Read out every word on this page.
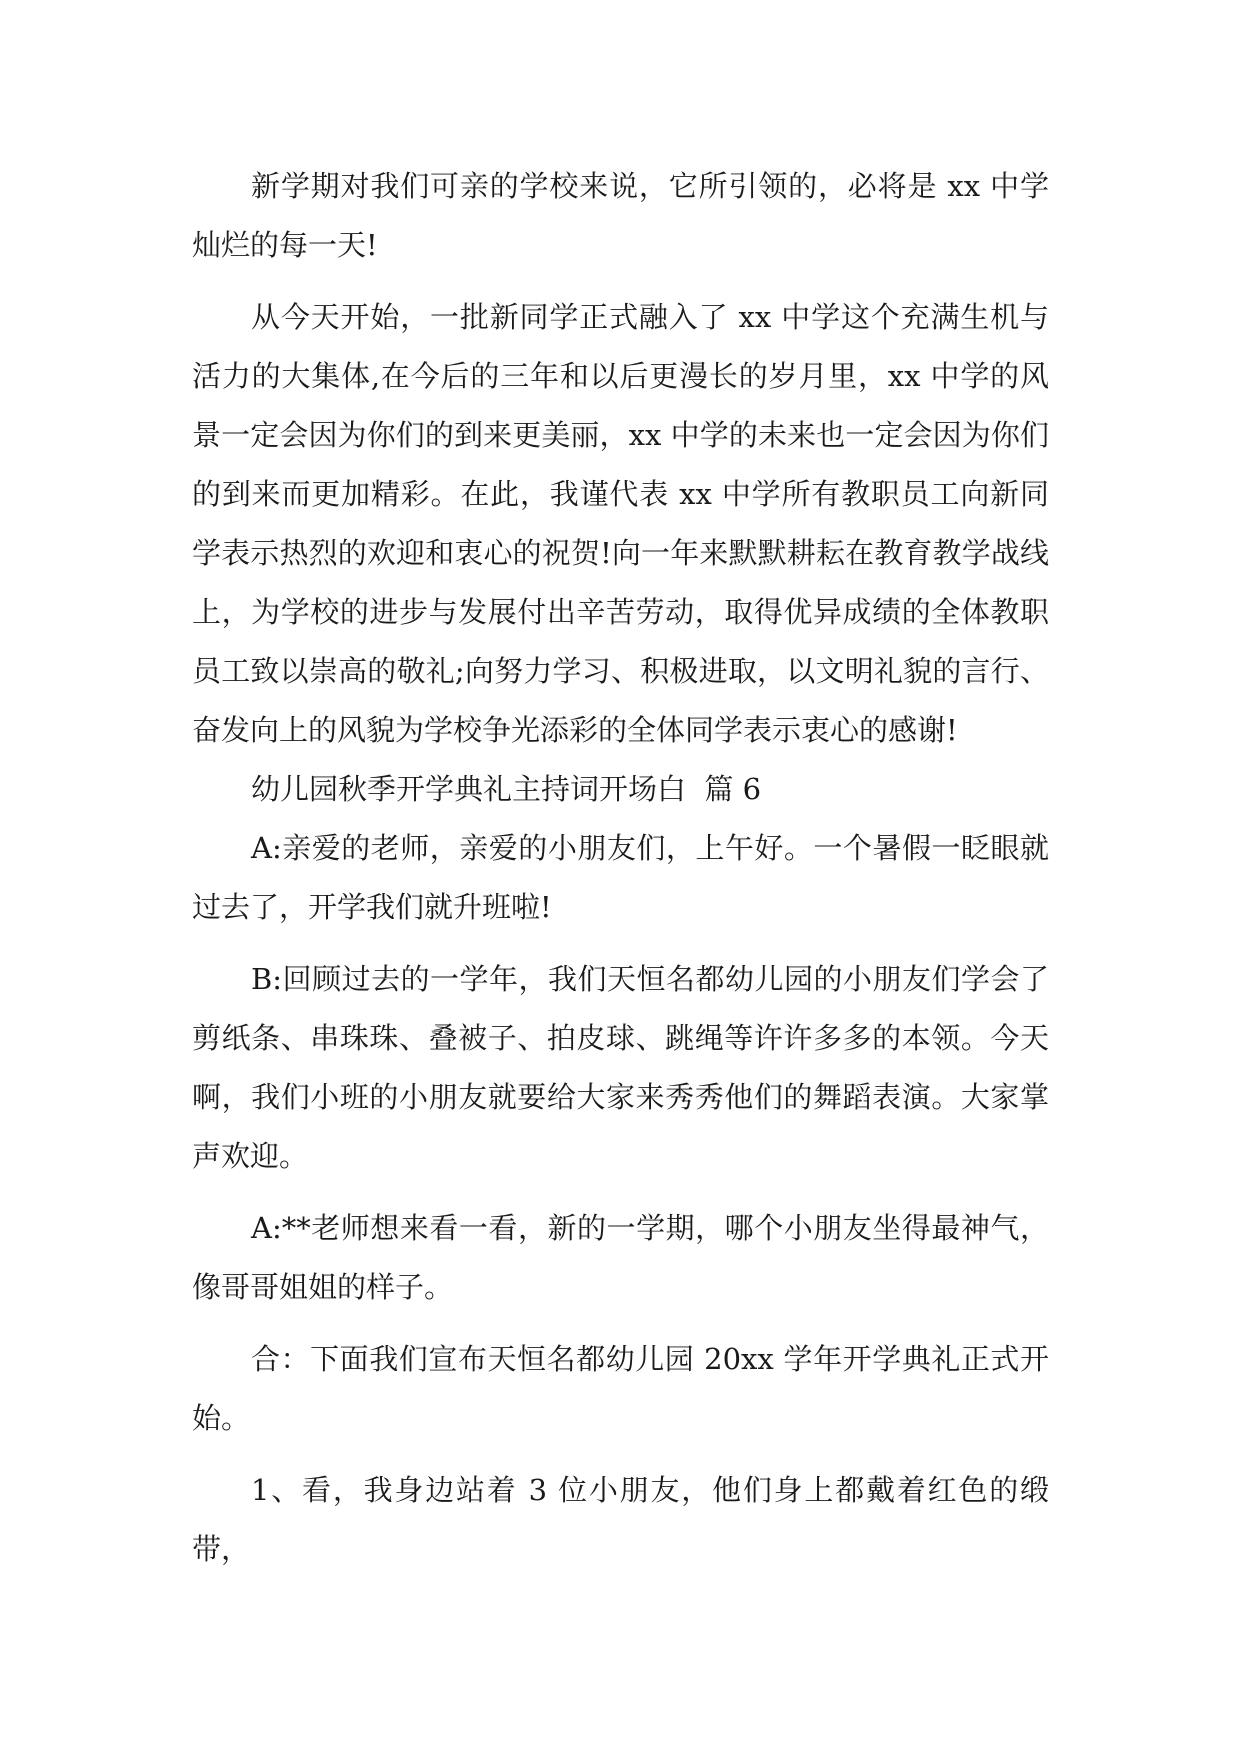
新学期对我们可亲的学校来说，它所引领的，必将是 xx 中学灿烂的每一天!

从今天开始，一批新同学正式融入了 xx 中学这个充满生机与活力的大集体,在今后的三年和以后更漫长的岁月里，xx 中学的风景一定会因为你们的到来更美丽，xx 中学的未来也一定会因为你们的到来而更加精彩。在此，我谨代表 xx 中学所有教职员工向新同学表示热烈的欢迎和衷心的祝贺!向一年来默默耕耘在教育教学战线上，为学校的进步与发展付出辛苦劳动，取得优异成绩的全体教职员工致以崇高的敬礼;向努力学习、积极进取，以文明礼貌的言行、奋发向上的风貌为学校争光添彩的全体同学表示衷心的感谢!

幼儿园秋季开学典礼主持词开场白  篇 6

A:亲爱的老师，亲爱的小朋友们，上午好。一个暑假一眨眼就过去了，开学我们就升班啦!

B:回顾过去的一学年，我们天恒名都幼儿园的小朋友们学会了剪纸条、串珠珠、叠被子、拍皮球、跳绳等许许多多的本领。今天啊，我们小班的小朋友就要给大家来秀秀他们的舞蹈表演。大家掌声欢迎。

A:**老师想来看一看，新的一学期，哪个小朋友坐得最神气，像哥哥姐姐的样子。

合：下面我们宣布天恒名都幼儿园 20xx 学年开学典礼正式开始。

1、看，我身边站着 3 位小朋友，他们身上都戴着红色的缎带，
